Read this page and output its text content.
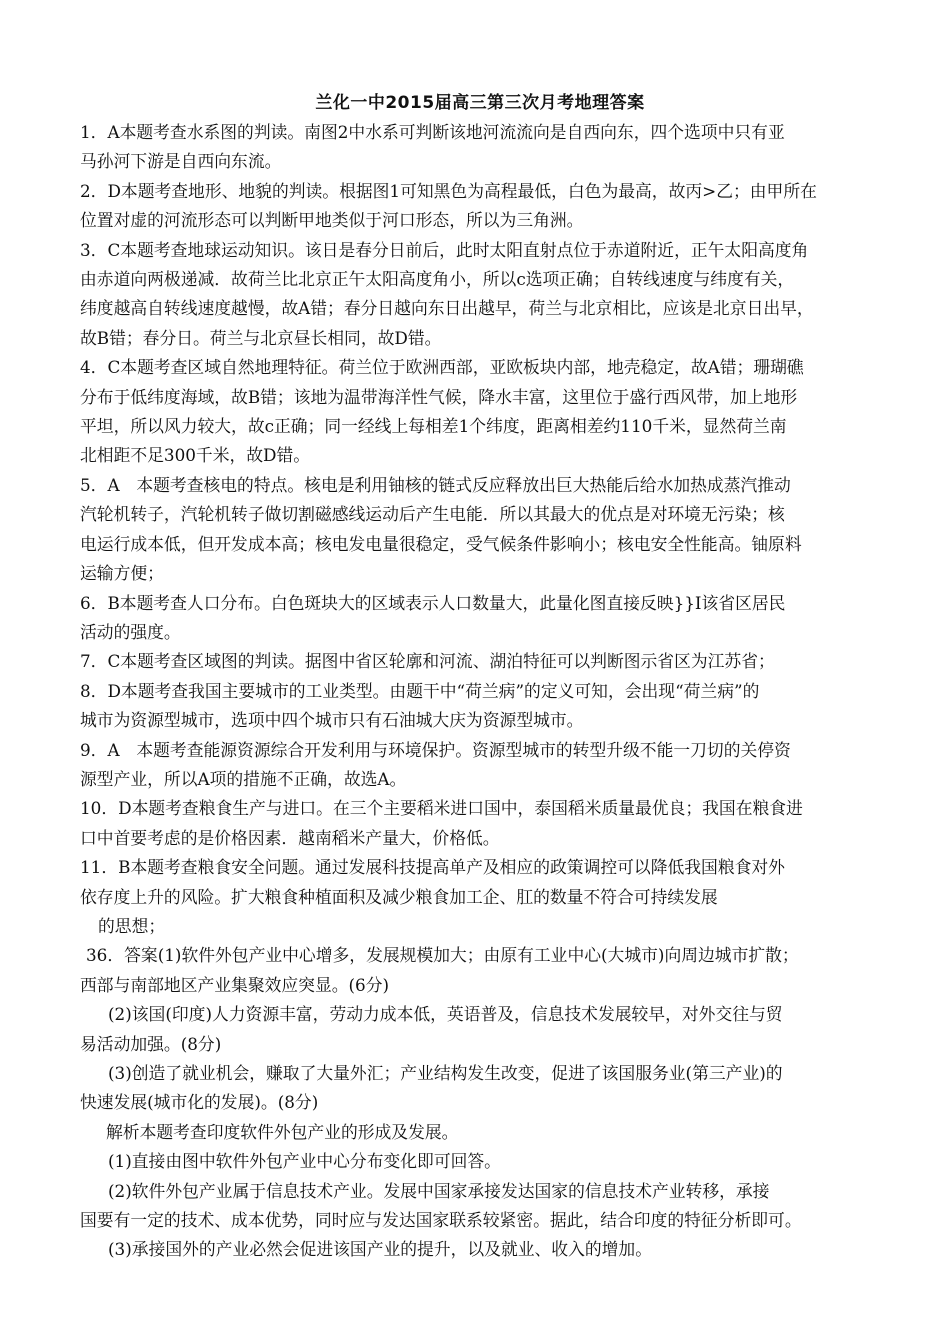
兰化一中2015届高三第三次月考地理答案

1．A本题考查水系图的判读。南图2中水系可判断该地河流流向是自西向东，四个选项中只有亚

马孙河下游是自西向东流。

2．D本题考查地形、地貌的判读。根据图1可知黑色为高程最低，白色为最高，故丙>乙；由甲所在

位置对虚的河流形态可以判断甲地类似于河口形态，所以为三角洲。

3．C本题考查地球运动知识。该日是春分日前后，此时太阳直射点位于赤道附近，正午太阳高度角

由赤道向两极递减．故荷兰比北京正午太阳高度角小，所以c选项正确；自转线速度与纬度有关，

纬度越高自转线速度越慢，故A错；春分日越向东日出越早，荷兰与北京相比，应该是北京日出早，

故B错；春分日。荷兰与北京昼长相同，故D错。

4．C本题考查区域自然地理特征。荷兰位于欧洲西部，亚欧板块内部，地壳稳定，故A错；珊瑚礁

分布于低纬度海域，故B错；该地为温带海洋性气候，降水丰富，这里位于盛行西风带，加上地形

平坦，所以风力较大，故c正确；同一经线上每相差1个纬度，距离相差约110千米，显然荷兰南

北相距不足300千米，故D错。

5．A　本题考查核电的特点。核电是利用铀核的链式反应释放出巨大热能后给水加热成蒸汽推动

汽轮机转子，汽轮机转子做切割磁感线运动后产生电能．所以其最大的优点是对环境无污染；核

电运行成本低，但开发成本高；核电发电量很稳定，受气候条件影响小；核电安全性能高。铀原料

运输方便；

6．B本题考查人口分布。白色斑块大的区域表示人口数量大，此量化图直接反映}}I该省区居民

活动的强度。

7．C本题考查区域图的判读。据图中省区轮廓和河流、湖泊特征可以判断图示省区为江苏省；

8．D本题考查我国主要城市的工业类型。由题干中“荷兰病”的定义可知，会出现“荷兰病”的

城市为资源型城市，选项中四个城市只有石油城大庆为资源型城市。

9．A　本题考查能源资源综合开发利用与环境保护。资源型城市的转型升级不能一刀切的关停资

源型产业，所以A项的措施不正确，故选A。

10．D本题考查粮食生产与进口。在三个主要稻米进口国中，泰国稻米质量最优良；我国在粮食进

口中首要考虑的是价格因素．越南稻米产量大，价格低。

11．B本题考查粮食安全问题。通过发展科技提高单产及相应的政策调控可以降低我国粮食对外

依存度上升的风险。扩大粮食种植面积及减少粮食加工企、肛的数量不符合可持续发展

的思想；

36．答案(1)软件外包产业中心增多，发展规模加大；由原有工业中心(大城市)向周边城市扩散；

西部与南部地区产业集聚效应突显。(6分)

(2)该国(印度)人力资源丰富，劳动力成本低，英语普及，信息技术发展较早，对外交往与贸

易活动加强。(8分)

(3)创造了就业机会，赚取了大量外汇；产业结构发生改变，促进了该国服务业(第三产业)的

快速发展(城市化的发展)。(8分)

解析本题考查印度软件外包产业的形成及发展。

(1)直接由图中软件外包产业中心分布变化即可回答。

(2)软件外包产业属于信息技术产业。发展中国家承接发达国家的信息技术产业转移，承接

国要有一定的技术、成本优势，同时应与发达国家联系较紧密。据此，结合印度的特征分析即可。

(3)承接国外的产业必然会促进该国产业的提升，以及就业、收入的增加。
